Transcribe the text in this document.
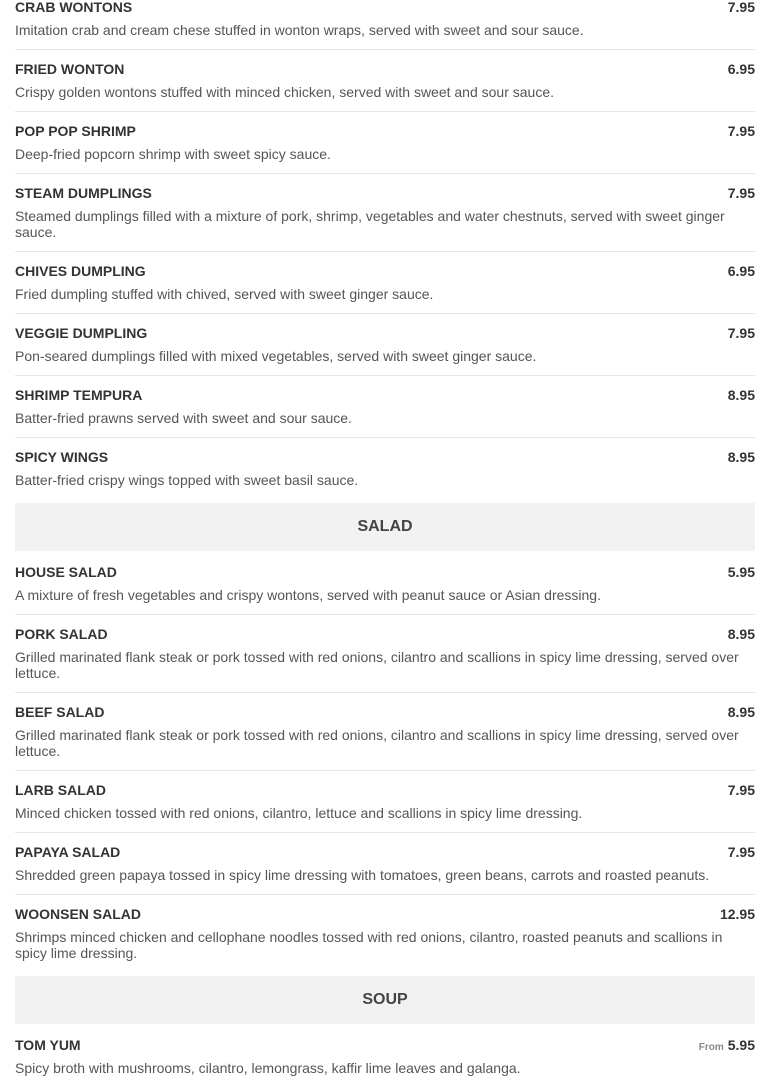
CRAB WONTONS	7.95
Imitation crab and cream chese stuffed in wonton wraps, served with sweet and sour sauce.
FRIED WONTON	6.95
Crispy golden wontons stuffed with minced chicken, served with sweet and sour sauce.
POP POP SHRIMP	7.95
Deep-fried popcorn shrimp with sweet spicy sauce.
STEAM DUMPLINGS	7.95
Steamed dumplings filled with a mixture of pork, shrimp, vegetables and water chestnuts, served with sweet ginger sauce.
CHIVES DUMPLING	6.95
Fried dumpling stuffed with chived, served with sweet ginger sauce.
VEGGIE DUMPLING	7.95
Pon-seared dumplings filled with mixed vegetables, served with sweet ginger sauce.
SHRIMP TEMPURA	8.95
Batter-fried prawns served with sweet and sour sauce.
SPICY WINGS	8.95
Batter-fried crispy wings topped with sweet basil sauce.
SALAD
HOUSE SALAD	5.95
A mixture of fresh vegetables and crispy wontons, served with peanut sauce or Asian dressing.
PORK SALAD	8.95
Grilled marinated flank steak or pork tossed with red onions, cilantro and scallions in spicy lime dressing, served over lettuce.
BEEF SALAD	8.95
Grilled marinated flank steak or pork tossed with red onions, cilantro and scallions in spicy lime dressing, served over lettuce.
LARB SALAD	7.95
Minced chicken tossed with red onions, cilantro, lettuce and scallions in spicy lime dressing.
PAPAYA SALAD	7.95
Shredded green papaya tossed in spicy lime dressing with tomatoes, green beans, carrots and roasted peanuts.
WOONSEN SALAD	12.95
Shrimps minced chicken and cellophane noodles tossed with red onions, cilantro, roasted peanuts and scallions in spicy lime dressing.
SOUP
TOM YUM	From 5.95
Spicy broth with mushrooms, cilantro, lemongrass, kaffir lime leaves and galanga.
